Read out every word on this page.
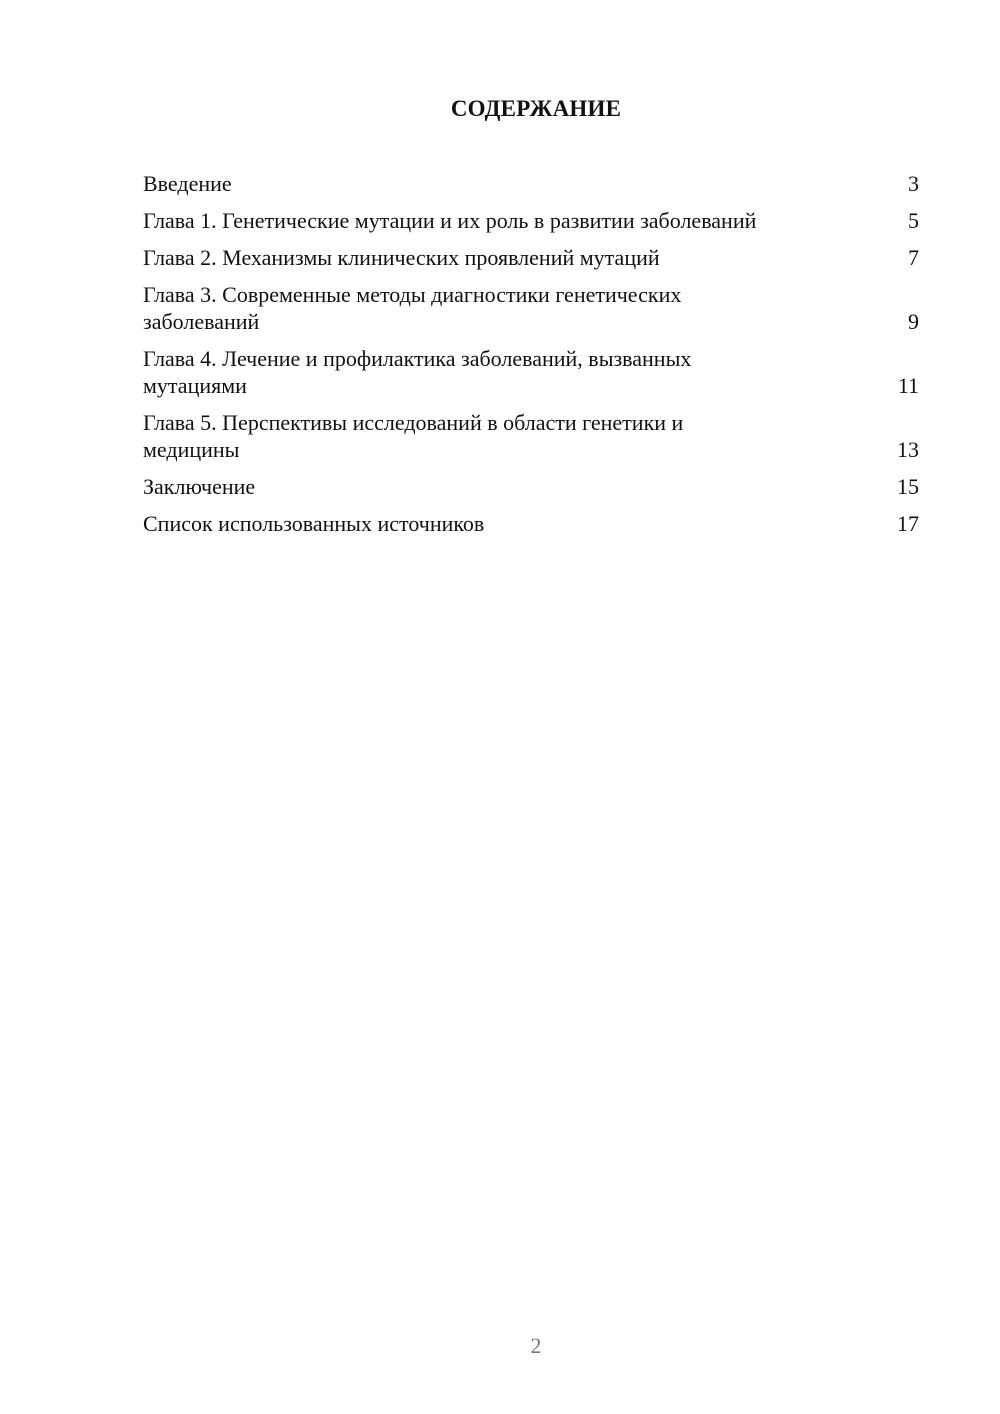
СОДЕРЖАНИЕ
Введение	3
Глава 1. Генетические мутации и их роль в развитии заболеваний	5
Глава 2. Механизмы клинических проявлений мутаций	7
Глава 3. Современные методы диагностики генетических заболеваний	9
Глава 4. Лечение и профилактика заболеваний, вызванных мутациями	11
Глава 5. Перспективы исследований в области генетики и медицины	13
Заключение	15
Список использованных источников	17
2
